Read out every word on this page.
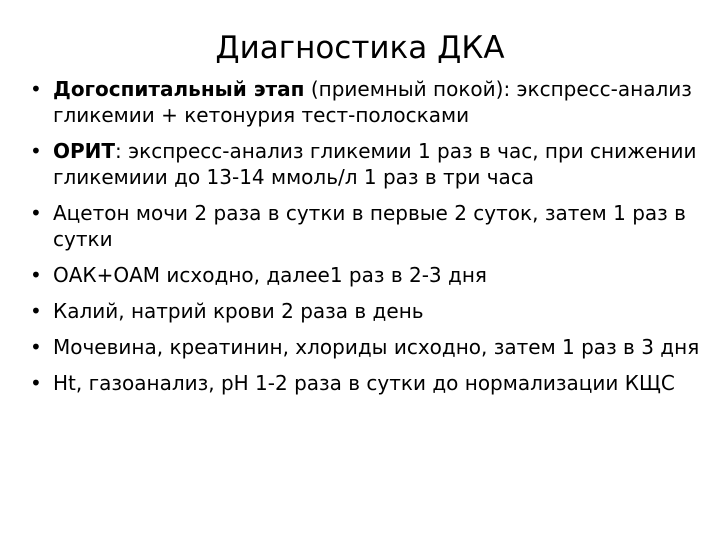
Диагностика ДКА
• Догоспитальный этап (приемный покой): экспресс-анализ гликемии + кетонурия тест-полосками
• ОРИТ: экспресс-анализ гликемии 1 раз в час, при снижении гликемиии до 13-14 ммоль/л 1 раз в три часа
• Ацетон мочи 2 раза в сутки в первые 2 суток, затем 1 раз в сутки
• ОАК+ОАМ исходно, далее1 раз в 2-3 дня
• Калий, натрий крови 2 раза в день
• Мочевина, креатинин, хлориды исходно, затем 1 раз в 3 дня
• Ht, газоанализ, рН 1-2 раза в сутки до нормализации КЩС
